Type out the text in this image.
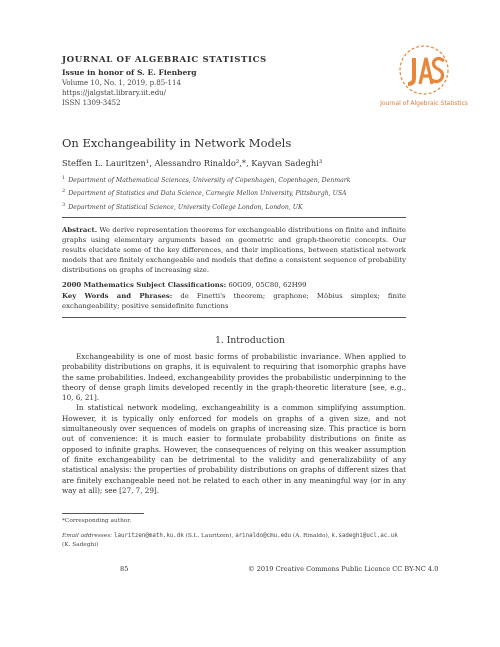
JOURNAL OF ALGEBRAIC STATISTICS
Issue in honor of S. E. Fienberg
Volume 10, No. 1, 2019, p.85-114
https://jalgstat.library.iit.edu/
ISSN 1309-3452	Journal of Algebraic Statistics
On Exchangeability in Network Models
Steffen L. Lauritzen¹, Alessandro Rinaldo²,*, Kayvan Sadeghi³
$^1$ Department of Mathematical Sciences, University of Copenhagen, Copenhagen, Denmark
$^2$ Department of Statistics and Data Science, Carnegie Mellon University, Pittsburgh, USA
$^3$ Department of Statistical Science, University College London, London, UK
Abstract. We derive representation theorems for exchangeable distributions on finite and infinite graphs using elementary arguments based on geometric and graph-theoretic concepts. Our results elucidate some of the key differences, and their implications, between statistical network models that are finitely exchangeable and models that define a consistent sequence of probability distributions on graphs of increasing size.
2000 Mathematics Subject Classifications: 60G09, 05C80, 62H99
Key Words and Phrases: de Finetti's theorem; graphone; Möbius simplex; finite exchangeability; positive semidefinite functions
1. Introduction

Exchangeability is one of most basic forms of probabilistic invariance. When applied to probability distributions on graphs, it is equivalent to requiring that isomorphic graphs have the same probabilities. Indeed, exchangeability provides the probabilistic underpinning to the theory of dense graph limits developed recently in the graph-theoretic literature [see, e.g., 10, 6, 21].

In statistical network modeling, exchangeability is a common simplifying assumption. However, it is typically only enforced for models on graphs of a given size, and not simultaneously over sequences of models on graphs of increasing size. This practice is born out of convenience: it is much easier to formulate probability distributions on finite as opposed to infinite graphs. However, the consequences of relying on this weaker assumption of finite exchangeability can be detrimental to the validity and generalizability of any statistical analysis: the properties of probability distributions on graphs of different sizes that are finitely exchangeable need not be related to each other in any meaningful way (or in any way at all); see [27, 7, 29].

*Corresponding author.
Email addresses: lauritzen@math.ku.dk (S.L. Lauritzen), arinaldo@cmu.edu (A. Rinaldo), k.sadeghi@ucl.ac.uk (K. Sadeghi)
85	© 2019 Creative Commons Public Licence CC BY-NC 4.0
